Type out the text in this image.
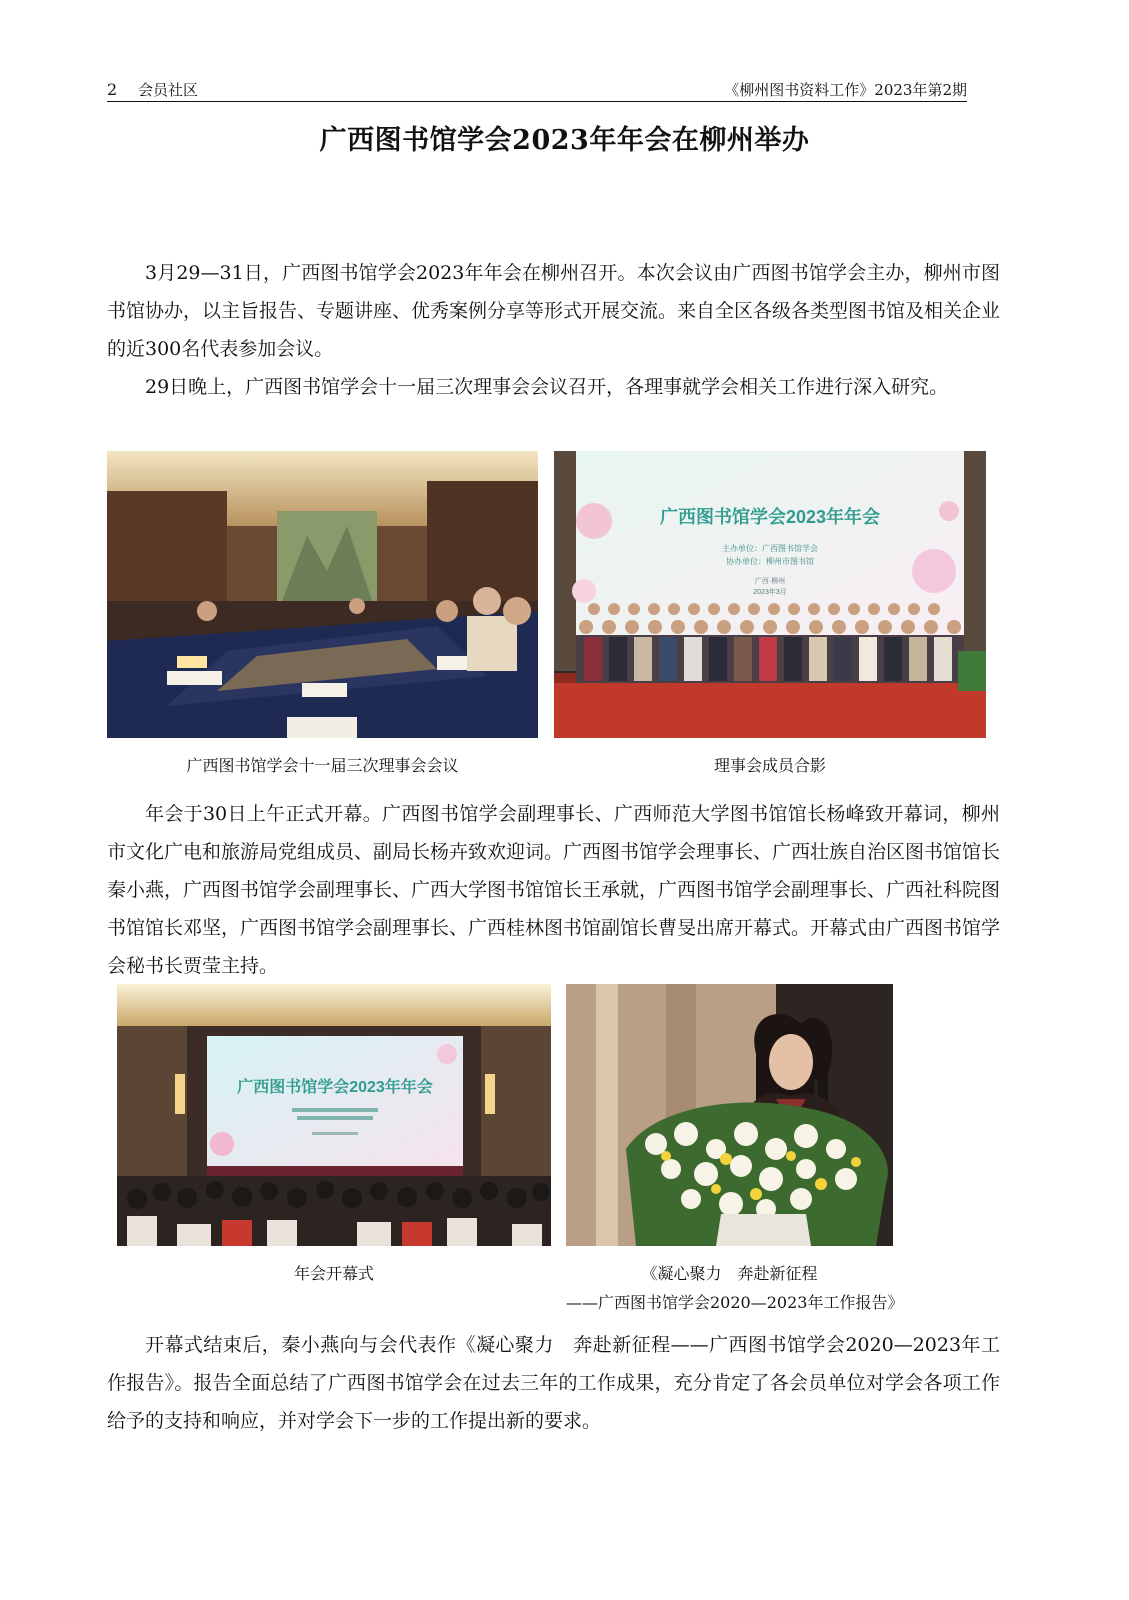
2 会员社区	《柳州图书资料工作》2023年第2期
广西图书馆学会2023年年会在柳州举办

3月29—31日，广西图书馆学会2023年年会在柳州召开。本次会议由广西图书馆学会主办，柳州市图书馆协办，以主旨报告、专题讲座、优秀案例分享等形式开展交流。来自全区各级各类型图书馆及相关企业的近300名代表参加会议。

29日晚上，广西图书馆学会十一届三次理事会会议召开，各理事就学会相关工作进行深入研究。

广西图书馆学会十一届三次理事会会议
广西图书馆学会2023年年会
主办单位：广西图书馆学会
协办单位：柳州市图书馆
广西·柳州
2023年3月
理事会成员合影

年会于30日上午正式开幕。广西图书馆学会副理事长、广西师范大学图书馆馆长杨峰致开幕词，柳州市文化广电和旅游局党组成员、副局长杨卉致欢迎词。广西图书馆学会理事长、广西壮族自治区图书馆馆长秦小燕，广西图书馆学会副理事长、广西大学图书馆馆长王承就，广西图书馆学会副理事长、广西社科院图书馆馆长邓坚，广西图书馆学会副理事长、广西桂林图书馆副馆长曹旻出席开幕式。开幕式由广西图书馆学会秘书长贾莹主持。

广西图书馆学会2023年年会
年会开幕式	《凝心聚力　奔赴新征程
——广西图书馆学会2020—2023年工作报告》

开幕式结束后，秦小燕向与会代表作《凝心聚力　奔赴新征程——广西图书馆学会2020—2023年工作报告》。报告全面总结了广西图书馆学会在过去三年的工作成果，充分肯定了各会员单位对学会各项工作给予的支持和响应，并对学会下一步的工作提出新的要求。
